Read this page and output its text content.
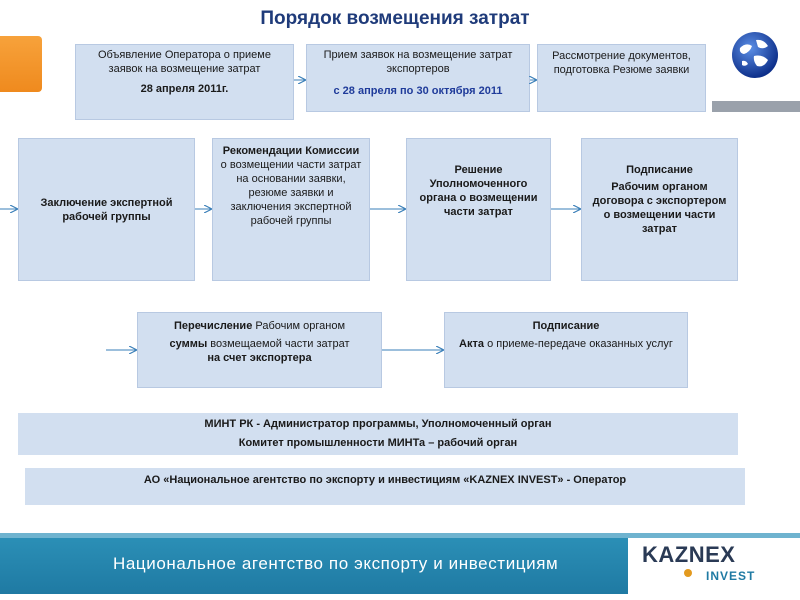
Порядок возмещения затрат
Объявление Оператора о приеме заявок на возмещение затрат
28 апреля 2011г.
Прием заявок на возмещение затрат экспортеров
с 28 апреля по 30 октября 2011
Рассмотрение документов, подготовка Резюме заявки
Заключение экспертной рабочей группы
Рекомендации Комиссии о возмещении части затрат на основании заявки, резюме заявки и заключения экспертной рабочей группы
Решение Уполномоченного органа о возмещении части затрат
Подписание
Рабочим органом договора с экспортером о возмещении части затрат
Перечисление Рабочим органом
суммы возмещаемой части затрат
на счет экспортера
Подписание
Акта о приеме-передаче оказанных услуг
МИНТ РК - Администратор программы, Уполномоченный орган
Комитет промышленности МИНТа – рабочий орган
АО «Национальное агентство по экспорту и инвестициям «KAZNEX INVEST» - Оператор
Национальное агентство по экспорту и инвестициям	KAZNEX
INVEST
